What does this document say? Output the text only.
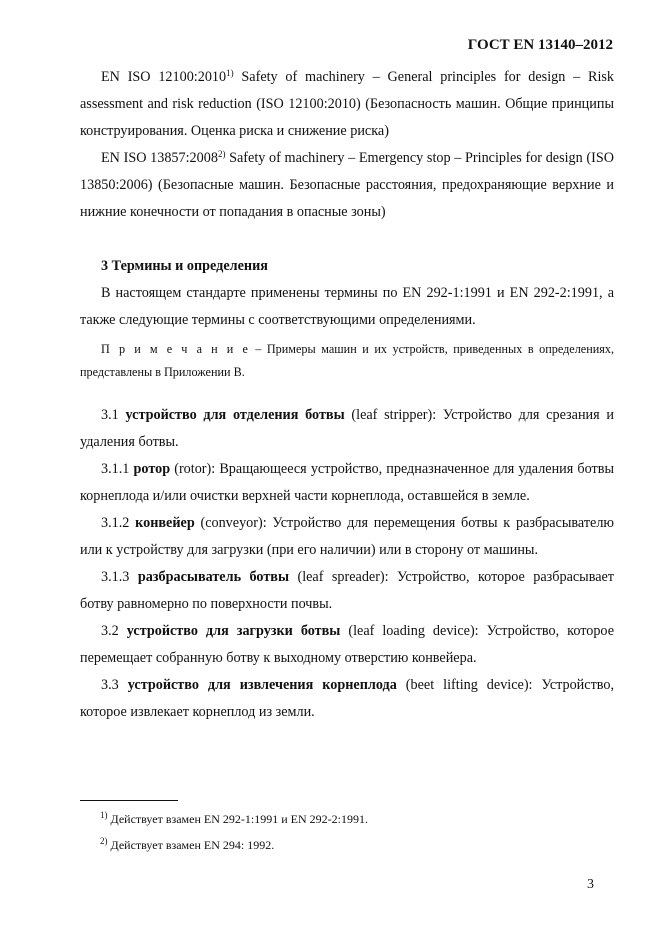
ГОСТ EN 13140–2012

EN ISO 12100:2010$^{1)}$ Safety of machinery – General principles for design – Risk assessment and risk reduction (ISO 12100:2010) (Безопасность машин. Общие принципы конструирования. Оценка риска и снижение риска)

EN ISO 13857:2008$^{2)}$ Safety of machinery – Emergency stop – Principles for design (ISO 13850:2006) (Безопасные машин. Безопасные расстояния, предохраняющие верхние и нижние конечности от попадания в опасные зоны)

3 Термины и определения

В настоящем стандарте применены термины по EN 292-1:1991 и EN 292-2:1991, а также следующие термины с соответствующими определениями.

П р и м е ч а н и е – Примеры машин и их устройств, приведенных в определениях, представлены в Приложении В.

3.1 устройство для отделения ботвы (leaf stripper): Устройство для срезания и удаления ботвы.

3.1.1 ротор (rotor): Вращающееся устройство, предназначенное для удаления ботвы корнеплода и/или очистки верхней части корнеплода, оставшейся в земле.

3.1.2 конвейер (conveyor): Устройство для перемещения ботвы к разбрасывателю или к устройству для загрузки (при его наличии) или в сторону от машины.

3.1.3 разбрасыватель ботвы (leaf spreader): Устройство, которое разбрасывает ботву равномерно по поверхности почвы.

3.2 устройство для загрузки ботвы (leaf loading device): Устройство, которое перемещает собранную ботву к выходному отверстию конвейера.

3.3 устройство для извлечения корнеплода (beet lifting device): Устройство, которое извлекает корнеплод из земли.

$^{1)}$ Действует взамен EN 292-1:1991 и EN 292-2:1991.
$^{2)}$ Действует взамен EN 294: 1992.
3
